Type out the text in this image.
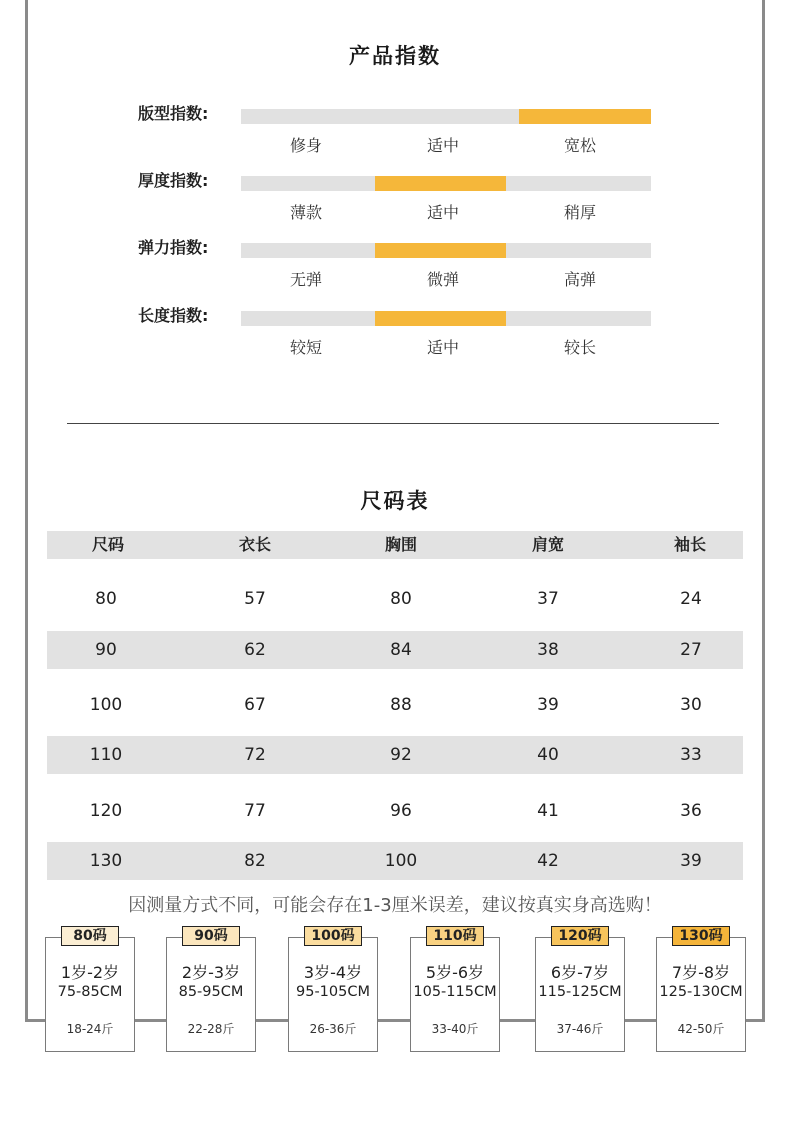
产品指数
版型指数:
修身	适中	宽松
厚度指数:
薄款	适中	稍厚
弹力指数:
无弹	微弹	高弹
长度指数:
较短	适中	较长
尺码表
尺码	衣长	胸围	肩宽	袖长
80	57	80	37	24
90	62	84	38	27
100	67	88	39	30
110	72	92	40	33
120	77	96	41	36
130	82	100	42	39
因测量方式不同，可能会存在1-3厘米误差，建议按真实身高选购！
80码
1岁-2岁
75-85CM
18-24斤
90码
2岁-3岁
85-95CM
22-28斤
100码
3岁-4岁
95-105CM
26-36斤
110码
5岁-6岁
105-115CM
33-40斤
120码
6岁-7岁
115-125CM
37-46斤
130码
7岁-8岁
125-130CM
42-50斤
